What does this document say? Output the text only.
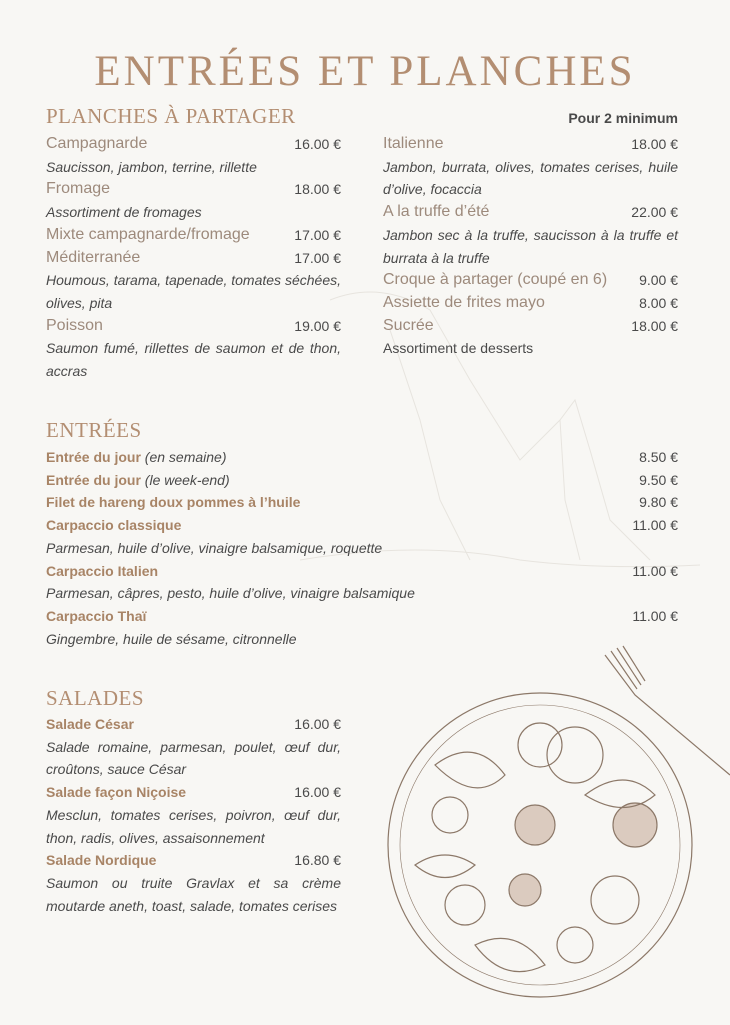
ENTRÉES ET PLANCHES
PLANCHES À PARTAGER	Pour 2 minimum
Campagnarde	16.00 €
Saucisson, jambon, terrine, rillette
Fromage	18.00 €
Assortiment de fromages
Mixte campagnarde/fromage	17.00 €
Méditerranée	17.00 €
Houmous, tarama, tapenade, tomates séchées, olives, pita
Poisson	19.00 €
Saumon fumé, rillettes de saumon et de thon, accras
Italienne	18.00 €
Jambon, burrata, olives, tomates cerises, huile d’olive, focaccia
A la truffe d’été	22.00 €
Jambon sec à la truffe, saucisson à la truffe et burrata à la truffe
Croque à partager (coupé en 6) 9.00 €
Assiette de frites mayo	8.00 €
Sucrée	18.00 €
Assortiment de desserts
ENTRÉES
Entrée du jour (en semaine)	8.50 €
Entrée du jour (le week-end)	9.50 €
Filet de hareng doux pommes à l’huile	9.80 €
Carpaccio classique	11.00 €
Parmesan, huile d’olive, vinaigre balsamique, roquette
Carpaccio Italien	11.00 €
Parmesan, câpres, pesto, huile d’olive, vinaigre balsamique
Carpaccio Thaï	11.00 €
Gingembre, huile de sésame, citronnelle
SALADES
Salade César	16.00 €
Salade romaine, parmesan, poulet, œuf dur, croûtons, sauce César
Salade façon Niçoise	16.00 €
Mesclun, tomates cerises, poivron, œuf dur, thon, radis, olives, assaisonnement
Salade Nordique	16.80 €
Saumon ou truite Gravlax et sa crème moutarde aneth, toast, salade, tomates cerises
